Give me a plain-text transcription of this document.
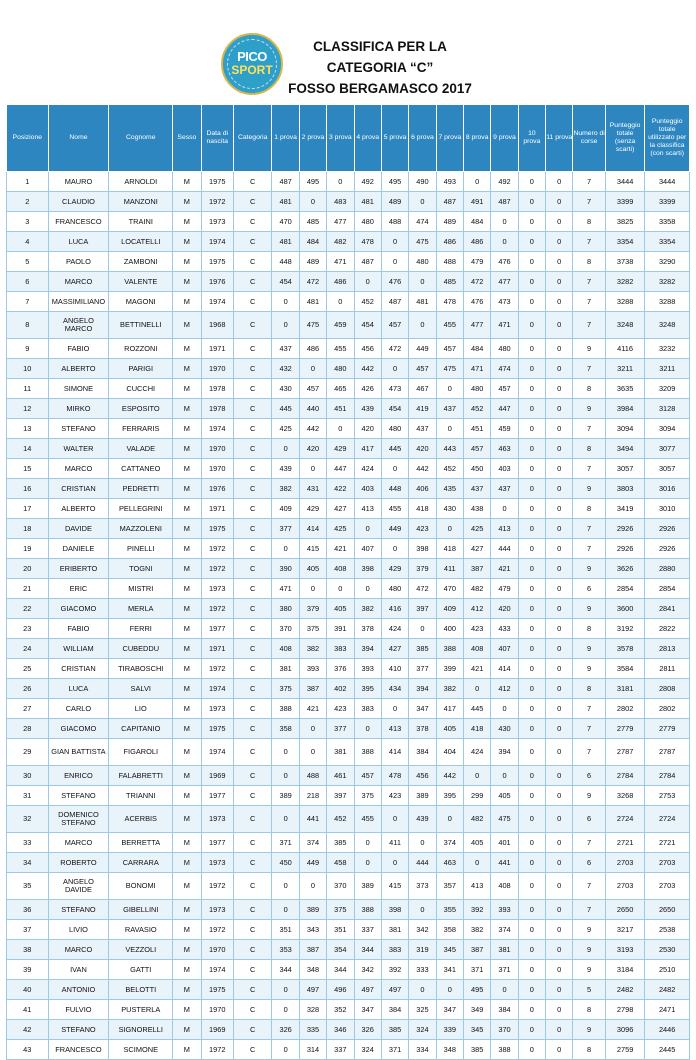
PICO
SPORT
CLASSIFICA PER LA
CATEGORIA “C”
FOSSO BERGAMASCO 2017
Posizione	Nome	Cognome	Sesso	Data di nascita	Categoria	1 prova	2 prova	3 prova	4 prova	5 prova	6 prova	7 prova	8 prova	9 prova	10 prova	11 prova	Numero di corse	Punteggio totale (senza scarti)	Punteggio totale utilizzato per la classifica (con scarti)
1	MAURO	ARNOLDI	M	1975	C	487	495	0	492	495	490	493	0	492	0	0	7	3444	3444
2	CLAUDIO	MANZONI	M	1972	C	481	0	483	481	489	0	487	491	487	0	0	7	3399	3399
3	FRANCESCO	TRAINI	M	1973	C	470	485	477	480	488	474	489	484	0	0	0	8	3825	3358
4	LUCA	LOCATELLI	M	1974	C	481	484	482	478	0	475	486	486	0	0	0	7	3354	3354
5	PAOLO	ZAMBONI	M	1975	C	448	489	471	487	0	480	488	479	476	0	0	8	3738	3290
6	MARCO	VALENTE	M	1976	C	454	472	486	0	476	0	485	472	477	0	0	7	3282	3282
7	MASSIMILIANO	MAGONI	M	1974	C	0	481	0	452	487	481	478	476	473	0	0	7	3288	3288
8	ANGELO MARCO	BETTINELLI	M	1968	C	0	475	459	454	457	0	455	477	471	0	0	7	3248	3248
9	FABIO	ROZZONI	M	1971	C	437	486	455	456	472	449	457	484	480	0	0	9	4116	3232
10	ALBERTO	PARIGI	M	1970	C	432	0	480	442	0	457	475	471	474	0	0	7	3211	3211
11	SIMONE	CUCCHI	M	1978	C	430	457	465	426	473	467	0	480	457	0	0	8	3635	3209
12	MIRKO	ESPOSITO	M	1978	C	445	440	451	439	454	419	437	452	447	0	0	9	3984	3128
13	STEFANO	FERRARIS	M	1974	C	425	442	0	420	480	437	0	451	459	0	0	7	3094	3094
14	WALTER	VALADE	M	1970	C	0	420	429	417	445	420	443	457	463	0	0	8	3494	3077
15	MARCO	CATTANEO	M	1970	C	439	0	447	424	0	442	452	450	403	0	0	7	3057	3057
16	CRISTIAN	PEDRETTI	M	1976	C	382	431	422	403	448	406	435	437	437	0	0	9	3803	3016
17	ALBERTO	PELLEGRINI	M	1971	C	409	429	427	413	455	418	430	438	0	0	0	8	3419	3010
18	DAVIDE	MAZZOLENI	M	1975	C	377	414	425	0	449	423	0	425	413	0	0	7	2926	2926
19	DANIELE	PINELLI	M	1972	C	0	415	421	407	0	398	418	427	444	0	0	7	2926	2926
20	ERIBERTO	TOGNI	M	1972	C	390	405	408	398	429	379	411	387	421	0	0	9	3626	2880
21	ERIC	MISTRI	M	1973	C	471	0	0	0	480	472	470	482	479	0	0	6	2854	2854
22	GIACOMO	MERLA	M	1972	C	380	379	405	382	416	397	409	412	420	0	0	9	3600	2841
23	FABIO	FERRI	M	1977	C	370	375	391	378	424	0	400	423	433	0	0	8	3192	2822
24	WILLIAM	CUBEDDU	M	1971	C	408	382	383	394	427	385	388	408	407	0	0	9	3578	2813
25	CRISTIAN	TIRABOSCHI	M	1972	C	381	393	376	393	410	377	399	421	414	0	0	9	3584	2811
26	LUCA	SALVI	M	1974	C	375	387	402	395	434	394	382	0	412	0	0	8	3181	2808
27	CARLO	LIO	M	1973	C	388	421	423	383	0	347	417	445	0	0	0	7	2802	2802
28	GIACOMO	CAPITANIO	M	1975	C	358	0	377	0	413	378	405	418	430	0	0	7	2779	2779
29	GIAN BATTISTA	FIGAROLI	M	1974	C	0	0	381	388	414	384	404	424	394	0	0	7	2787	2787
30	ENRICO	FALABRETTI	M	1969	C	0	488	461	457	478	456	442	0	0	0	0	6	2784	2784
31	STEFANO	TRIANNI	M	1977	C	389	218	397	375	423	389	395	299	405	0	0	9	3268	2753
32	DOMENICO STEFANO	ACERBIS	M	1973	C	0	441	452	455	0	439	0	482	475	0	0	6	2724	2724
33	MARCO	BERRETTA	M	1977	C	371	374	385	0	411	0	374	405	401	0	0	7	2721	2721
34	ROBERTO	CARRARA	M	1973	C	450	449	458	0	0	444	463	0	441	0	0	6	2703	2703
35	ANGELO DAVIDE	BONOMI	M	1972	C	0	0	370	389	415	373	357	413	408	0	0	7	2703	2703
36	STEFANO	GIBELLINI	M	1973	C	0	389	375	388	398	0	355	392	393	0	0	7	2650	2650
37	LIVIO	RAVASIO	M	1972	C	351	343	351	337	381	342	358	382	374	0	0	9	3217	2538
38	MARCO	VEZZOLI	M	1970	C	353	387	354	344	383	319	345	387	381	0	0	9	3193	2530
39	IVAN	GATTI	M	1974	C	344	348	344	342	392	333	341	371	371	0	0	9	3184	2510
40	ANTONIO	BELOTTI	M	1975	C	0	497	496	497	497	0	0	495	0	0	0	5	2482	2482
41	FULVIO	PUSTERLA	M	1970	C	0	328	352	347	384	325	347	349	384	0	0	8	2798	2471
42	STEFANO	SIGNORELLI	M	1969	C	326	335	346	326	385	324	339	345	370	0	0	9	3096	2446
43	FRANCESCO	SCIMONE	M	1972	C	0	314	337	324	371	334	348	385	388	0	0	8	2759	2445
